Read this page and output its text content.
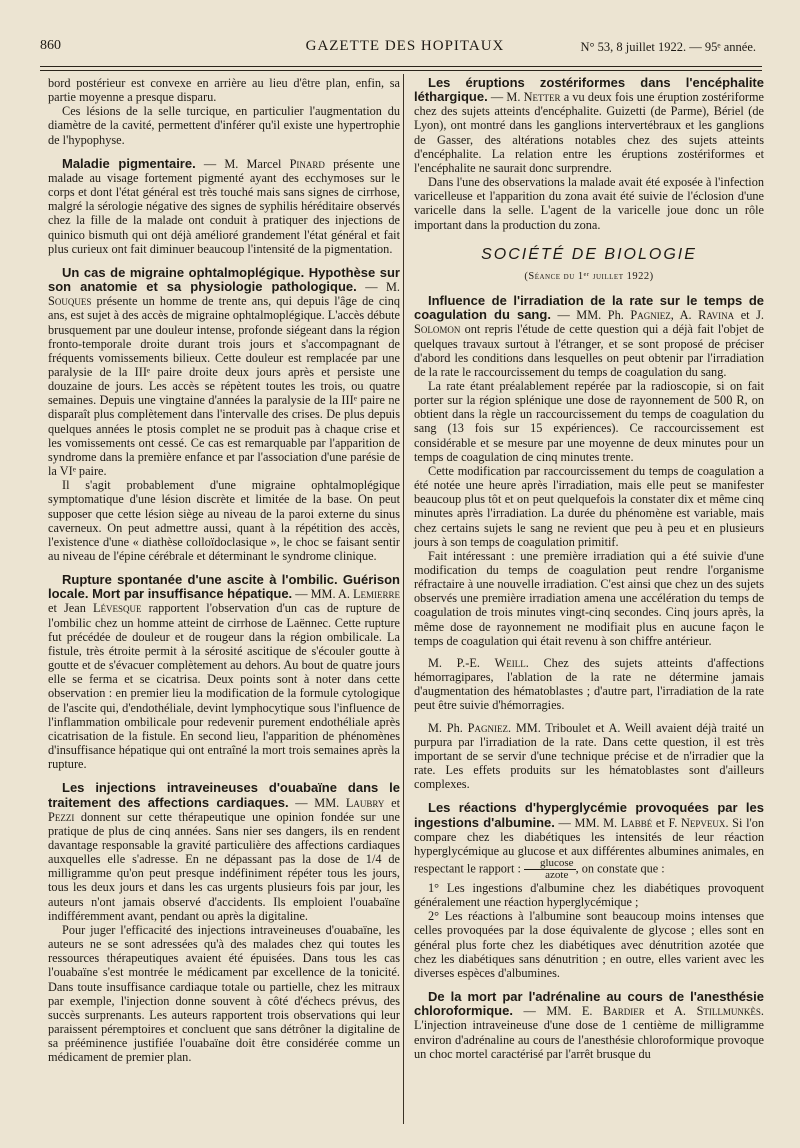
860	GAZETTE DES HOPITAUX	N° 53, 8 juillet 1922. — 95ᵉ année.

bord postérieur est convexe en arrière au lieu d'être plan, enfin, sa partie moyenne a presque disparu.

Ces lésions de la selle turcique, en particulier l'augmentation du diamètre de la cavité, permettent d'inférer qu'il existe une hypertrophie de l'hypophyse.

Maladie pigmentaire. — M. Marcel Pinard présente une malade au visage fortement pigmenté ayant des ecchymoses sur le corps et dont l'état général est très touché mais sans signes de cirrhose, malgré la sérologie négative des signes de syphilis héréditaire observés chez la fille de la malade ont conduit à pratiquer des injections de quinico bismuth qui ont déjà amélioré grandement l'état général et fait plus curieux ont fait diminuer beaucoup l'intensité de la pigmentation.

Un cas de migraine ophtalmoplégique. Hypothèse sur son anatomie et sa physiologie pathologique. — M. Souques présente un homme de trente ans, qui depuis l'âge de cinq ans, est sujet à des accès de migraine ophtalmoplégique. L'accès débute brusquement par une douleur intense, profonde siégeant dans la région fronto-temporale droite durant trois jours et s'accompagnant de fréquents vomissements bilieux. Cette douleur est remplacée par une paralysie de la IIIᵉ paire droite deux jours après et persiste une douzaine de jours. Les accès se répètent toutes les trois, ou quatre semaines. Depuis une vingtaine d'années la paralysie de la IIIᵉ paire ne disparaît plus complètement dans l'intervalle des crises. De plus depuis quelques années le ptosis complet ne se produit pas à chaque crise et les vomissements ont cessé. Ce cas est remarquable par l'apparition de syndrome dans la première enfance et par l'association d'une parésie de la VIᵉ paire.

Il s'agit probablement d'une migraine ophtalmoplégique symptomatique d'une lésion discrète et limitée de la base. On peut supposer que cette lésion siège au niveau de la paroi externe du sinus caverneux. On peut admettre aussi, quant à la répétition des accès, l'existence d'une « diathèse colloïdoclasique », le choc se faisant sentir au niveau de l'épine cérébrale et déterminant le syndrome clinique.

Rupture spontanée d'une ascite à l'ombilic. Guérison locale. Mort par insuffisance hépatique. — MM. A. Lemierre et Jean Lévesque rapportent l'observation d'un cas de rupture de l'ombilic chez un homme atteint de cirrhose de Laënnec. Cette rupture fut précédée de douleur et de rougeur dans la région ombilicale. La fistule, très étroite permit à la sérosité ascitique de s'écouler goutte à goutte et de s'évacuer complètement au dehors. Au bout de quatre jours elle se ferma et se cicatrisa. Deux points sont à noter dans cette observation : en premier lieu la modification de la formule cytologique de l'ascite qui, d'endothéliale, devint lymphocytique sous l'influence de l'inflammation ombilicale pour redevenir purement endothéliale après cicatrisation de la fistule. En second lieu, l'apparition de phénomènes d'insuffisance hépatique qui ont entraîné la mort trois semaines après la rupture.

Les injections intraveineuses d'ouabaïne dans le traitement des affections cardiaques. — MM. Laubry et Pezzi donnent sur cette thérapeutique une opinion fondée sur une pratique de plus de cinq années. Sans nier ses dangers, ils en rendent davantage responsable la gravité particulière des affections cardiaques auxquelles elle s'adresse. En ne dépassant pas la dose de 1/4 de milligramme qu'on peut presque indéfiniment répéter tous les jours, tous les deux jours et dans les cas urgents plusieurs fois par jour, les auteurs n'ont jamais observé d'accidents. Ils emploient l'ouabaïne indifféremment avant, pendant ou après la digitaline.

Pour juger l'efficacité des injections intraveineuses d'ouabaïne, les auteurs ne se sont adressées qu'à des malades chez qui toutes les ressources thérapeutiques avaient été épuisées. Dans tous les cas l'ouabaïne s'est montrée le médicament par excellence de la tonicité. Dans toute insuffisance cardiaque totale ou partielle, chez les mitraux par exemple, l'injection donne souvent à côté d'échecs prévus, des succès surprenants. Les auteurs rapportent trois observations qui leur paraissent péremptoires et concluent que sans détrôner la digitaline de sa prééminence justifiée l'ouabaïne doit être considérée comme un médicament de premier plan.

Les éruptions zostériformes dans l'encéphalite léthargique. — M. Netter a vu deux fois une éruption zostériforme chez des sujets atteints d'encéphalite. Guizetti (de Parme), Bériel (de Lyon), ont montré dans les ganglions intervertébraux et les ganglions de Gasser, des altérations notables chez des sujets atteints d'encéphalite. La relation entre les éruptions zostériformes et l'encéphalite ne saurait donc surprendre.

Dans l'une des observations la malade avait été exposée à l'infection varicelleuse et l'apparition du zona avait été suivie de l'éclosion d'une varicelle dans la selle. L'agent de la varicelle joue donc un rôle important dans la production du zona.

SOCIÉTÉ DE BIOLOGIE
(Séance du 1ᵉʳ juillet 1922)

Influence de l'irradiation de la rate sur le temps de coagulation du sang. — MM. Ph. Pagniez, A. Ravina et J. Solomon ont repris l'étude de cette question qui a déjà fait l'objet de quelques travaux surtout à l'étranger, et se sont proposé de préciser d'abord les conditions dans lesquelles on peut obtenir par l'irradiation de la rate le raccourcissement du temps de coagulation du sang.

La rate étant préalablement repérée par la radioscopie, si on fait porter sur la région splénique une dose de rayonnement de 500 R, on obtient dans la règle un raccourcissement du temps de coagulation du sang (13 fois sur 15 expériences). Ce raccourcissement est considérable et se mesure par une moyenne de deux minutes pour un temps de coagulation de cinq minutes trente.

Cette modification par raccourcissement du temps de coagulation a été notée une heure après l'irradiation, mais elle peut se manifester beaucoup plus tôt et on peut quelquefois la constater dix et même cinq minutes après l'irradiation. La durée du phénomène est variable, mais chez certains sujets le sang ne revient que peu à peu et en plusieurs jours à son temps de coagulation primitif.

Fait intéressant : une première irradiation qui a été suivie d'une modification du temps de coagulation peut rendre l'organisme réfractaire à une nouvelle irradiation. C'est ainsi que chez un des sujets observés une première irradiation amena une accélération du temps de coagulation de trois minutes vingt-cinq secondes. Cinq jours après, la même dose de rayonnement ne modifiait plus en aucune façon le temps de coagulation qui était revenu à son chiffre antérieur.

M. P.-E. Weill. Chez des sujets atteints d'affections hémorragipares, l'ablation de la rate ne détermine jamais d'augmentation des hématoblastes ; d'autre part, l'irradiation de la rate peut être suivie d'hémorragies.

M. Ph. Pagniez. MM. Triboulet et A. Weill avaient déjà traité un purpura par l'irradiation de la rate. Dans cette question, il est très important de se servir d'une technique précise et de n'irradier que la rate. Les effets produits sur les hématoblastes sont d'ailleurs complexes.

Les réactions d'hyperglycémie provoquées par les ingestions d'albumine. — MM. M. Labbé et F. Nepveux. Si l'on compare chez les diabétiques les intensités de leur réaction hyperglycémique au glucose et aux différentes albumines animales, en respectant le rapport : $\frac{\text{glucose}}{\text{azote}}$ , on constate que :

1° Les ingestions d'albumine chez les diabétiques provoquent généralement une réaction hyperglycémique ;

2° Les réactions à l'albumine sont beaucoup moins intenses que celles provoquées par la dose équivalente de glycose ; elles sont en général plus forte chez les diabétiques avec dénutrition azotée que chez les diabétiques sans dénutrition ; en outre, elles varient avec les diverses espèces d'albumines.

De la mort par l'adrénaline au cours de l'anesthésie chloroformique. — MM. E. Bardier et A. Stillmunkès. L'injection intraveineuse d'une dose de 1 centième de milligramme environ d'adrénaline au cours de l'anesthésie chloroformique provoque un choc mortel caractérisé par l'arrêt brusque du
